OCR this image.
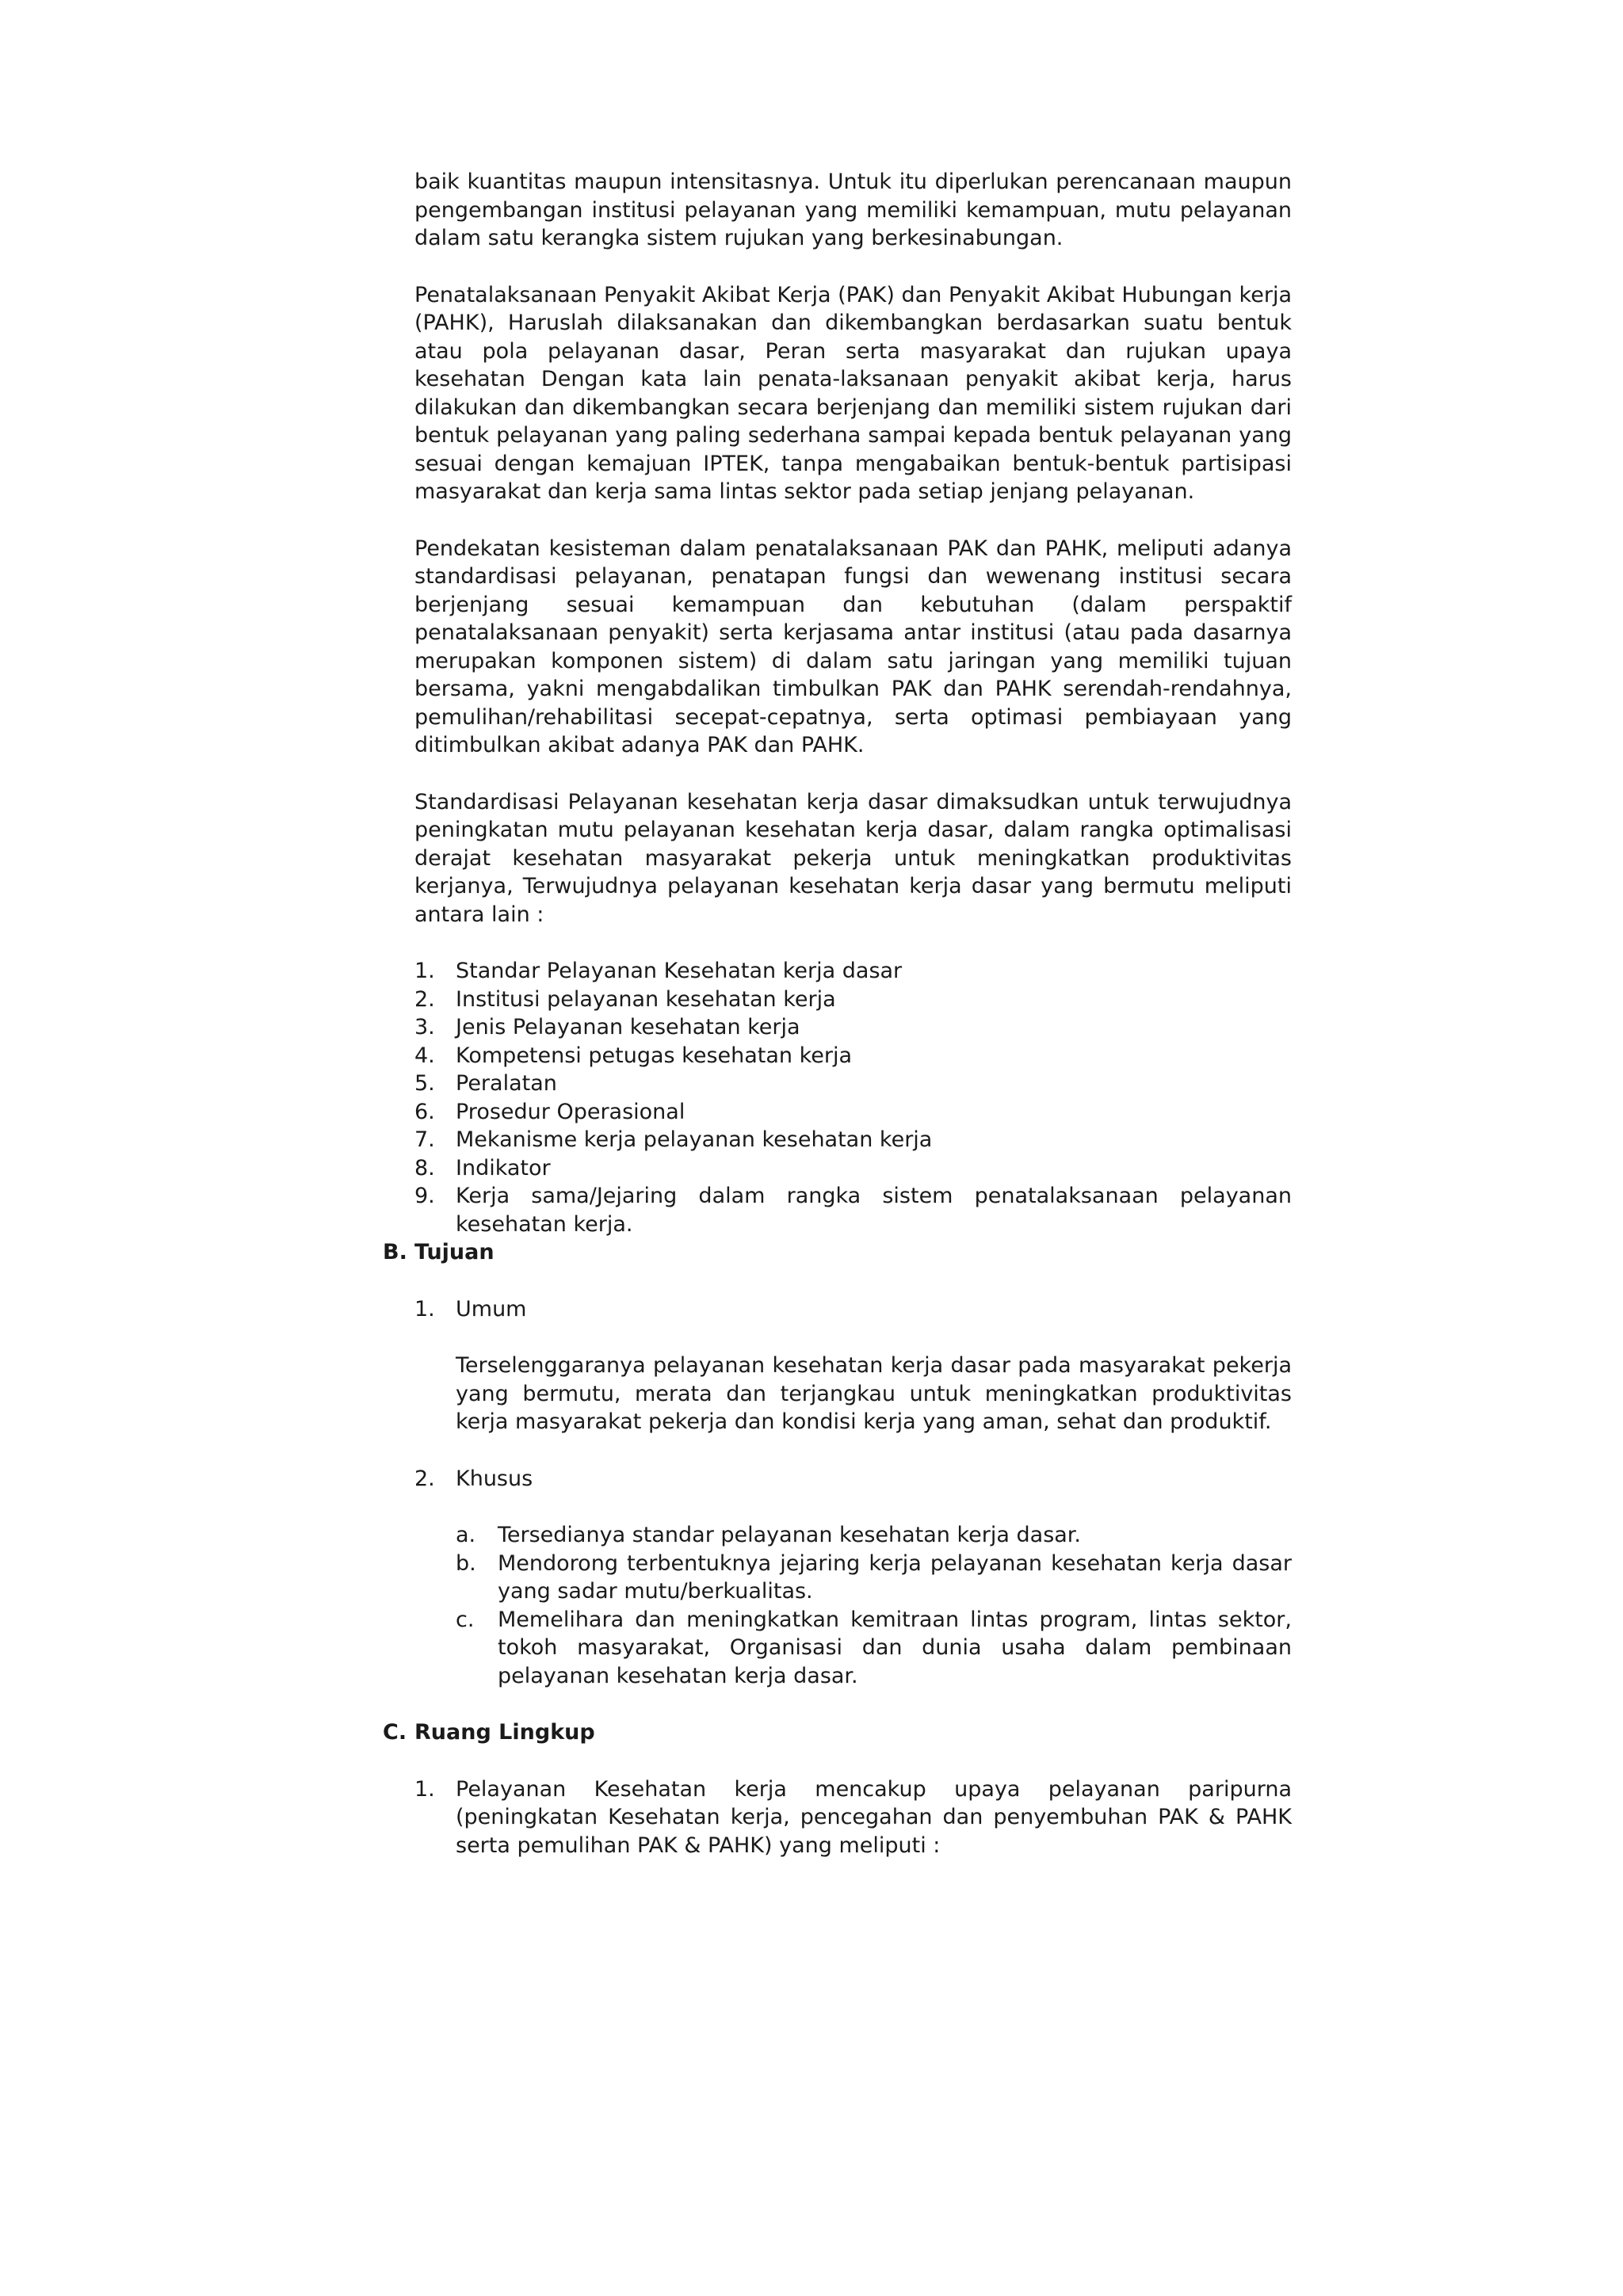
baik kuantitas maupun intensitasnya. Untuk itu diperlukan perencanaan maupun pengembangan institusi pelayanan yang memiliki kemampuan, mutu pelayanan dalam satu kerangka sistem rujukan yang berkesinabungan.

Penatalaksanaan Penyakit Akibat Kerja (PAK) dan Penyakit Akibat Hubungan kerja (PAHK), Haruslah dilaksanakan dan dikembangkan berdasarkan suatu bentuk atau pola pelayanan dasar, Peran serta masyarakat dan rujukan upaya kesehatan Dengan kata lain penata-laksanaan penyakit akibat kerja, harus dilakukan dan dikembangkan secara berjenjang dan memiliki sistem rujukan dari bentuk pelayanan yang paling sederhana sampai kepada bentuk pelayanan yang sesuai dengan kemajuan IPTEK, tanpa mengabaikan bentuk-bentuk partisipasi masyarakat dan kerja sama lintas sektor pada setiap jenjang pelayanan.

Pendekatan kesisteman dalam penatalaksanaan PAK dan PAHK, meliputi adanya standardisasi pelayanan, penatapan fungsi dan wewenang institusi secara berjenjang sesuai kemampuan dan kebutuhan (dalam perspaktif penatalaksanaan penyakit) serta kerjasama antar institusi (atau pada dasarnya merupakan komponen sistem) di dalam satu jaringan yang memiliki tujuan bersama, yakni mengabdalikan timbulkan PAK dan PAHK serendah-rendahnya, pemulihan/rehabilitasi secepat-cepatnya, serta optimasi pembiayaan yang ditimbulkan akibat adanya PAK dan PAHK.

Standardisasi Pelayanan kesehatan kerja dasar dimaksudkan untuk terwujudnya peningkatan mutu pelayanan kesehatan kerja dasar, dalam rangka optimalisasi derajat kesehatan masyarakat pekerja untuk meningkatkan produktivitas kerjanya, Terwujudnya pelayanan kesehatan kerja dasar yang bermutu meliputi antara lain :

1. Standar Pelayanan Kesehatan kerja dasar
2. Institusi pelayanan kesehatan kerja
3. Jenis Pelayanan kesehatan kerja
4. Kompetensi petugas kesehatan kerja
5. Peralatan
6. Prosedur Operasional
7. Mekanisme kerja pelayanan kesehatan kerja
8. Indikator
9. Kerja sama/Jejaring dalam rangka sistem penatalaksanaan pelayanan kesehatan kerja.
B. Tujuan
1. Umum

Terselenggaranya pelayanan kesehatan kerja dasar pada masyarakat pekerja yang bermutu, merata dan terjangkau untuk meningkatkan produktivitas kerja masyarakat pekerja dan kondisi kerja yang aman, sehat dan produktif.

2. Khusus
a. Tersedianya standar pelayanan kesehatan kerja dasar.
b. Mendorong terbentuknya jejaring kerja pelayanan kesehatan kerja dasar yang sadar mutu/berkualitas.
c. Memelihara dan meningkatkan kemitraan lintas program, lintas sektor, tokoh masyarakat, Organisasi dan dunia usaha dalam pembinaan pelayanan kesehatan kerja dasar.
C. Ruang Lingkup
1. Pelayanan Kesehatan kerja mencakup upaya pelayanan paripurna (peningkatan Kesehatan kerja, pencegahan dan penyembuhan PAK & PAHK serta pemulihan PAK & PAHK) yang meliputi :
